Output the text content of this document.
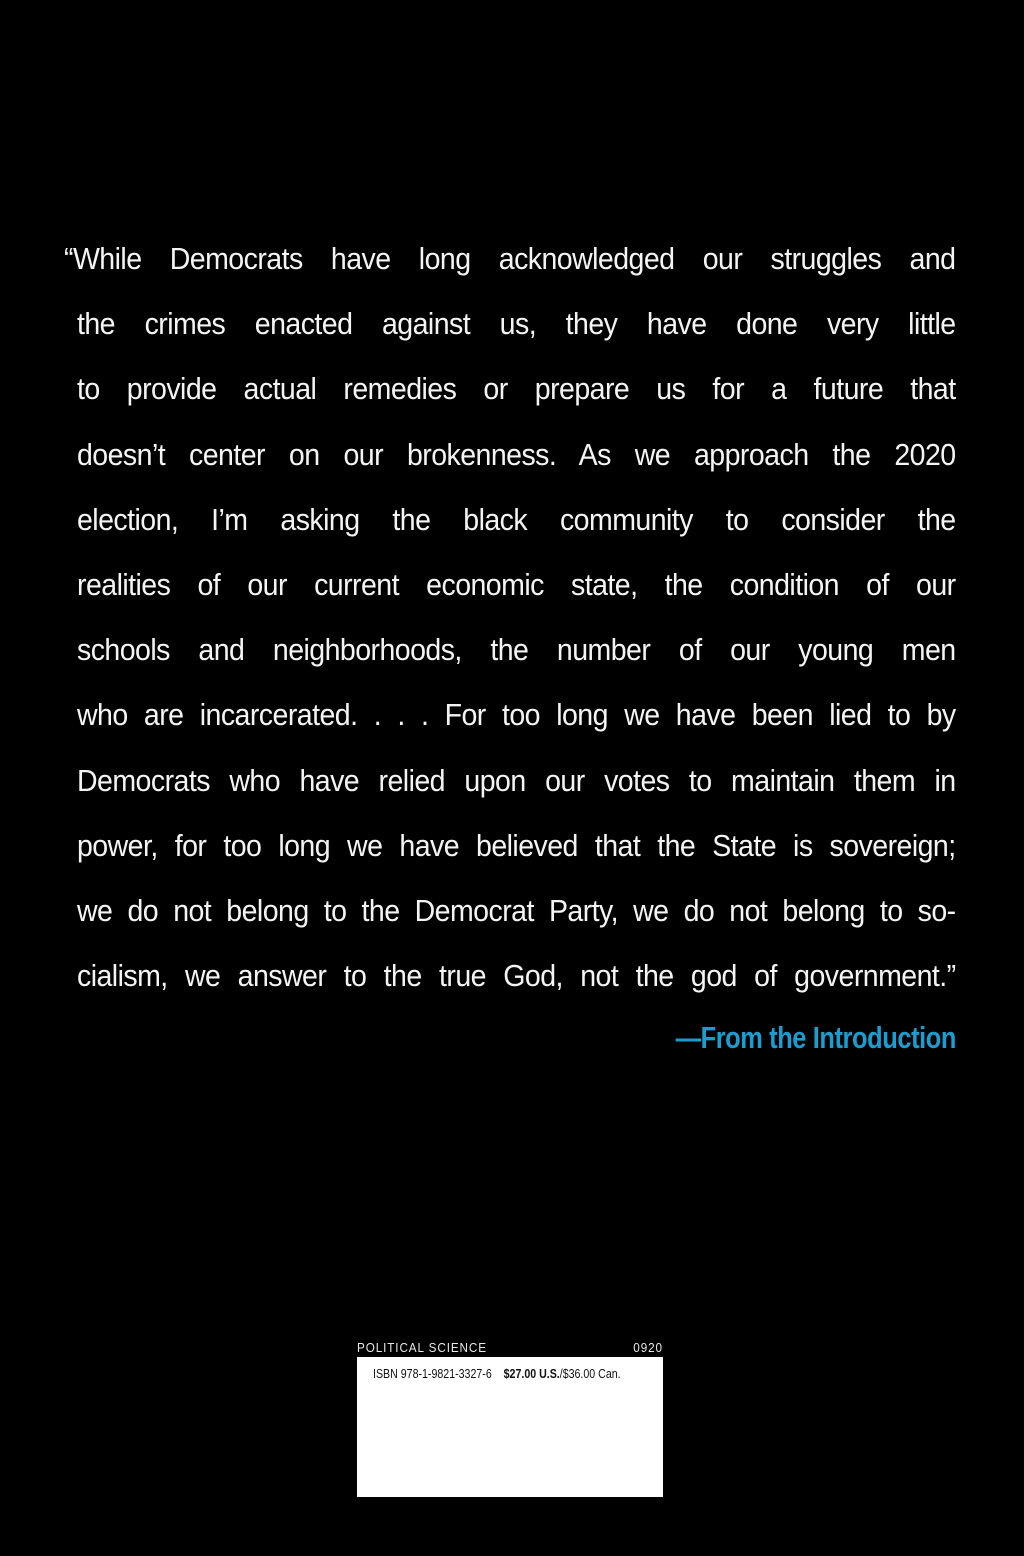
“While Democrats have long acknowledged our struggles and
the crimes enacted against us, they have done very little
to provide actual remedies or prepare us for a future that
doesn’t center on our brokenness. As we approach the 2020
election, I’m asking the black community to consider the
realities of our current economic state, the condition of our
schools and neighborhoods, the number of our young men
who are incarcerated. . . . For too long we have been lied to by
Democrats who have relied upon our votes to maintain them in
power, for too long we have believed that the State is sovereign;
we do not belong to the Democrat Party, we do not belong to so-
cialism, we answer to the true God, not the god of government.”
—From the Introduction
POLITICAL SCIENCE	0920
ISBN 978-1-9821-3327-6 $27.00 U.S./$36.00 Can.
